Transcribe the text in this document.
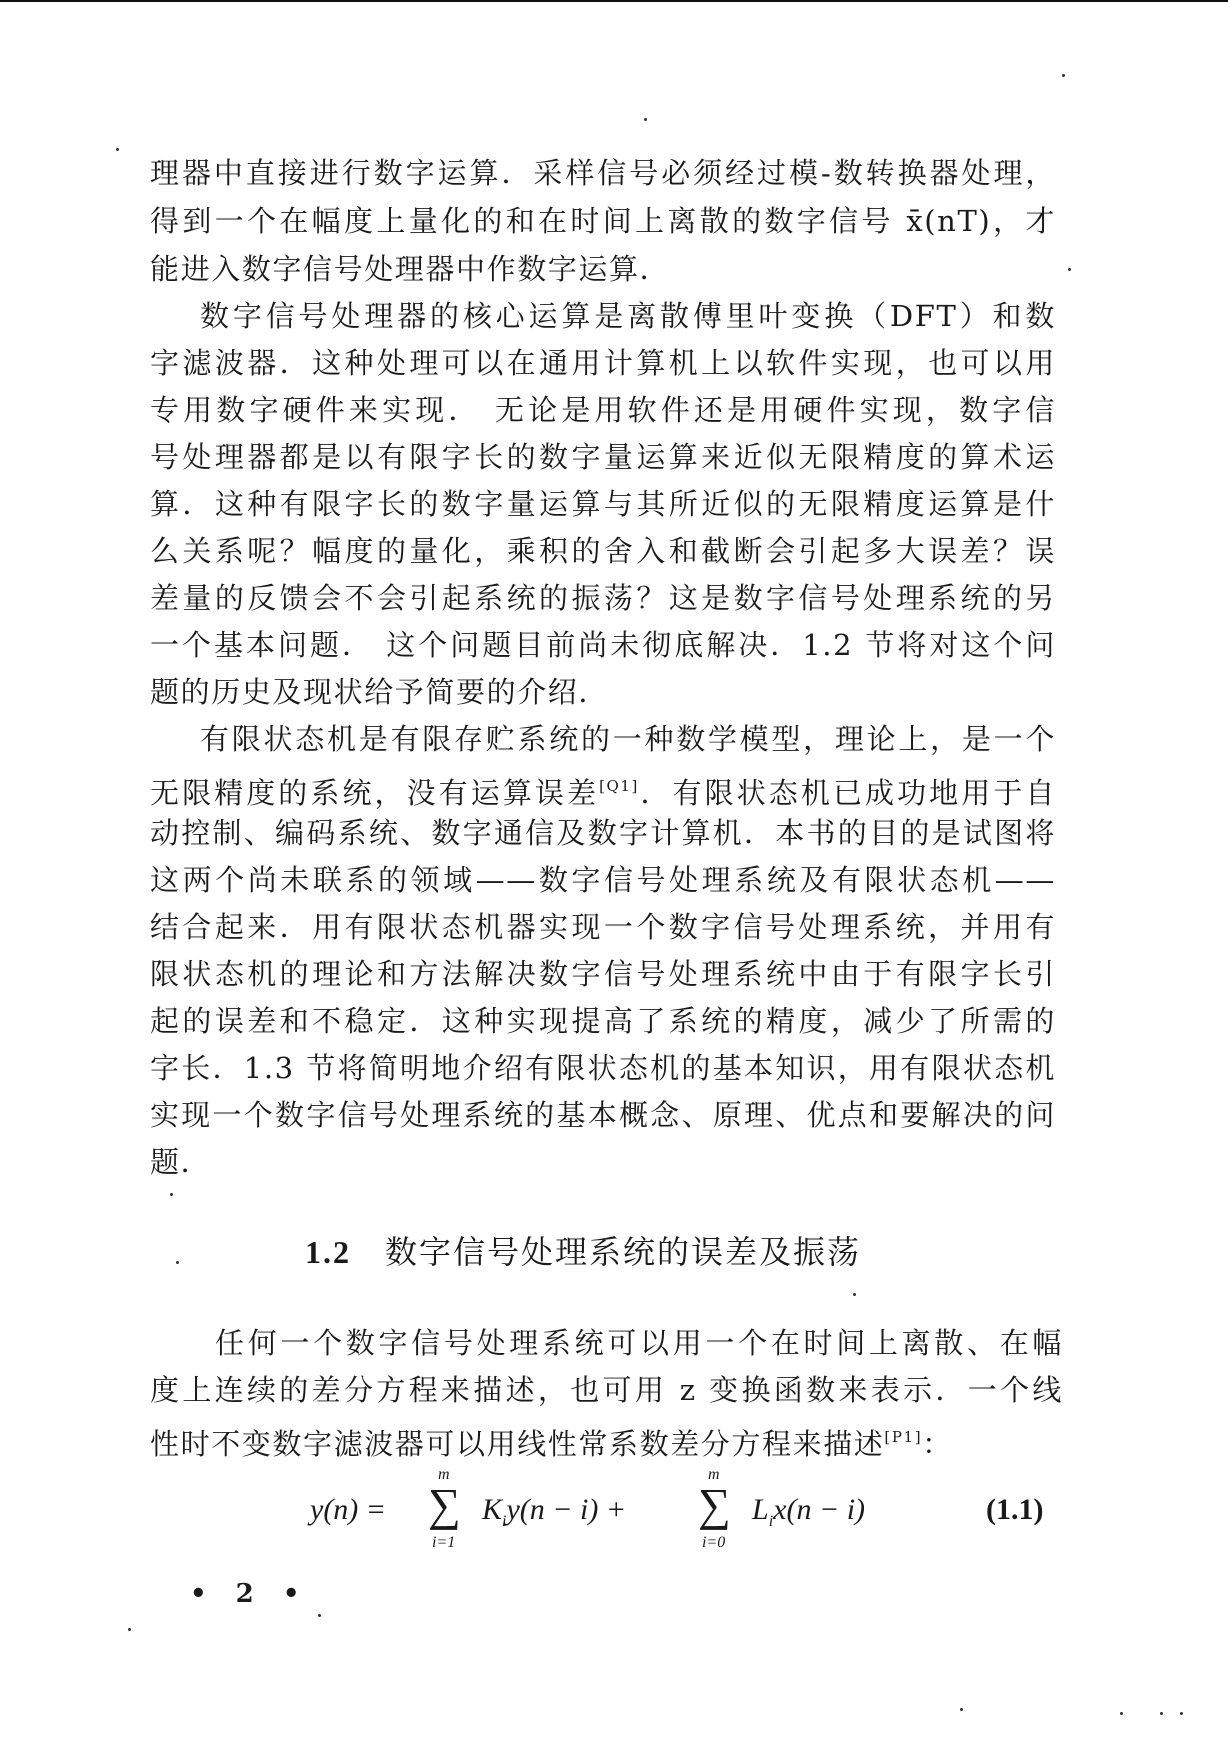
理器中直接进行数字运算．采样信号必须经过模-数转换器处理，
得到一个在幅度上量化的和在时间上离散的数字信号 x̄(nT)，才
能进入数字信号处理器中作数字运算．
数字信号处理器的核心运算是离散傅里叶变换（DFT）和数
字滤波器．这种处理可以在通用计算机上以软件实现，也可以用
专用数字硬件来实现． 无论是用软件还是用硬件实现，数字信
号处理器都是以有限字长的数字量运算来近似无限精度的算术运
算．这种有限字长的数字量运算与其所近似的无限精度运算是什
么关系呢？幅度的量化，乘积的舍入和截断会引起多大误差？误
差量的反馈会不会引起系统的振荡？这是数字信号处理系统的另
一个基本问题． 这个问题目前尚未彻底解决．1.2 节将对这个问
题的历史及现状给予简要的介绍．
有限状态机是有限存贮系统的一种数学模型，理论上，是一个
无限精度的系统，没有运算误差[Q1]．有限状态机已成功地用于自
动控制、编码系统、数字通信及数字计算机．本书的目的是试图将
这两个尚未联系的领域——数字信号处理系统及有限状态机——
结合起来．用有限状态机器实现一个数字信号处理系统，并用有
限状态机的理论和方法解决数字信号处理系统中由于有限字长引
起的误差和不稳定．这种实现提高了系统的精度，减少了所需的
字长．1.3 节将简明地介绍有限状态机的基本知识，用有限状态机
实现一个数字信号处理系统的基本概念、原理、优点和要解决的问
题．
1.2 数字信号处理系统的误差及振荡
任何一个数字信号处理系统可以用一个在时间上离散、在幅
度上连续的差分方程来描述，也可用 z 变换函数来表示．一个线
性时不变数字滤波器可以用线性常系数差分方程来描述[P1]：
y(n) =
m
∑
i=1
$K_iy(n - i)$ +
m
∑
i=0
$L_ix(n - i)$	(1.1)
• 2 •
